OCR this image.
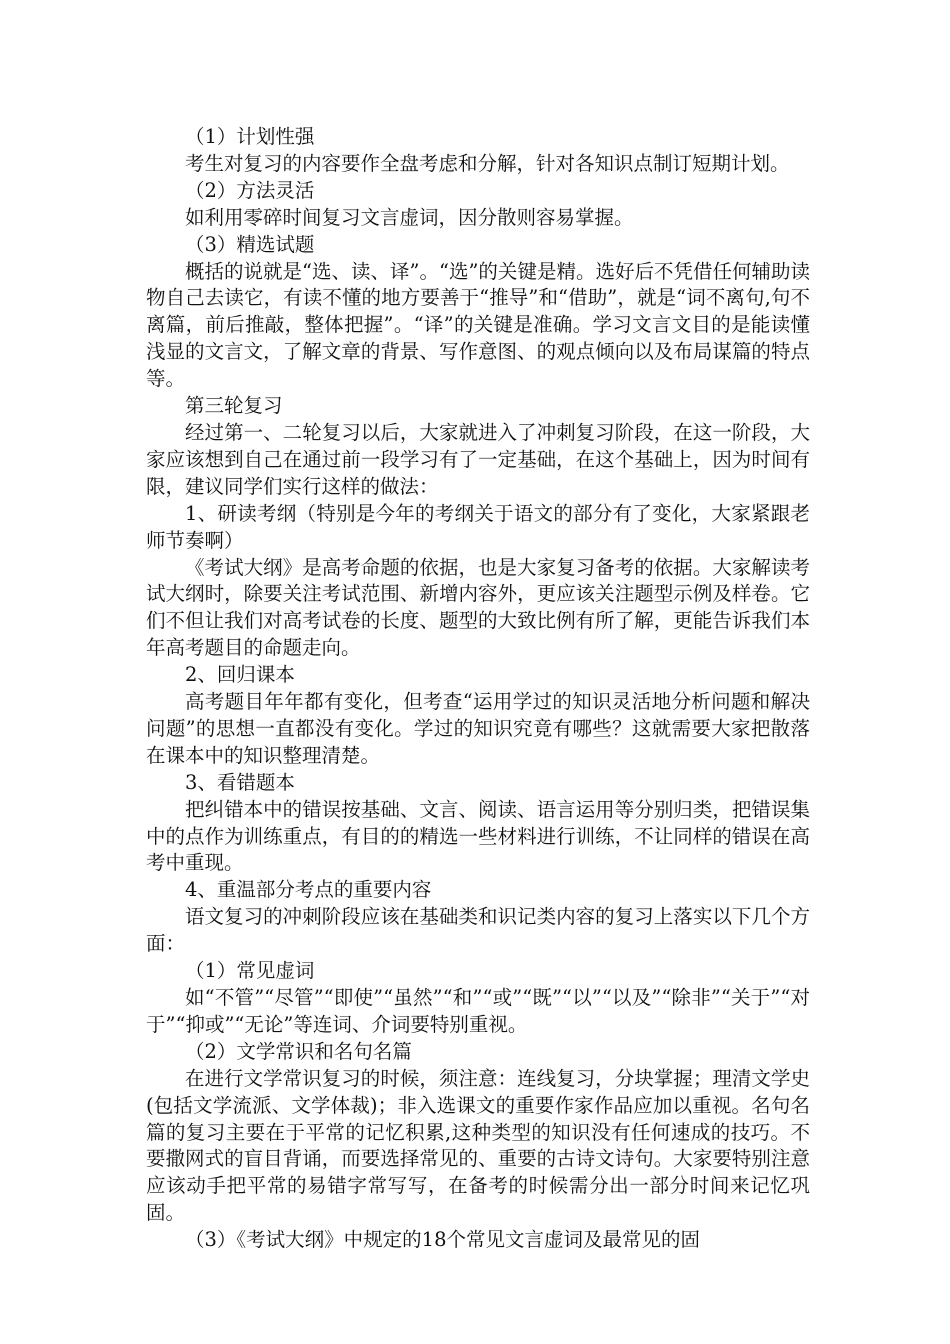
（1）计划性强

考生对复习的内容要作全盘考虑和分解，针对各知识点制订短期计划。

（2）方法灵活

如利用零碎时间复习文言虚词，因分散则容易掌握。

（3）精选试题

概括的说就是“选、读、译”。“选”的关键是精。选好后不凭借任何辅助读物自己去读它，有读不懂的地方要善于“推导”和“借助”，就是“词不离句,句不离篇，前后推敲，整体把握”。“译”的关键是准确。学习文言文目的是能读懂浅显的文言文，了解文章的背景、写作意图、的观点倾向以及布局谋篇的特点等。

第三轮复习

经过第一、二轮复习以后，大家就进入了冲刺复习阶段，在这一阶段，大家应该想到自己在通过前一段学习有了一定基础，在这个基础上，因为时间有限，建议同学们实行这样的做法：

1、研读考纲（特别是今年的考纲关于语文的部分有了变化，大家紧跟老师节奏啊）

《考试大纲》是高考命题的依据，也是大家复习备考的依据。大家解读考试大纲时，除要关注考试范围、新增内容外，更应该关注题型示例及样卷。它们不但让我们对高考试卷的长度、题型的大致比例有所了解，更能告诉我们本年高考题目的命题走向。

2、回归课本

高考题目年年都有变化，但考查“运用学过的知识灵活地分析问题和解决问题”的思想一直都没有变化。学过的知识究竟有哪些？这就需要大家把散落在课本中的知识整理清楚。

3、看错题本

把纠错本中的错误按基础、文言、阅读、语言运用等分别归类，把错误集中的点作为训练重点，有目的的精选一些材料进行训练，不让同样的错误在高考中重现。

4、重温部分考点的重要内容

语文复习的冲刺阶段应该在基础类和识记类内容的复习上落实以下几个方面：

（1）常见虚词

如“不管”“尽管”“即使”“虽然”“和”“或”“既”“以”“以及”“除非”“关于”“对于”“抑或”“无论”等连词、介词要特别重视。

（2）文学常识和名句名篇

在进行文学常识复习的时候，须注意：连线复习，分块掌握；理清文学史(包括文学流派、文学体裁)；非入选课文的重要作家作品应加以重视。名句名篇的复习主要在于平常的记忆积累,这种类型的知识没有任何速成的技巧。不要撒网式的盲目背诵，而要选择常见的、重要的古诗文诗句。大家要特别注意应该动手把平常的易错字常写写，在备考的时候需分出一部分时间来记忆巩固。

（3）《考试大纲》中规定的18个常见文言虚词及最常见的固
